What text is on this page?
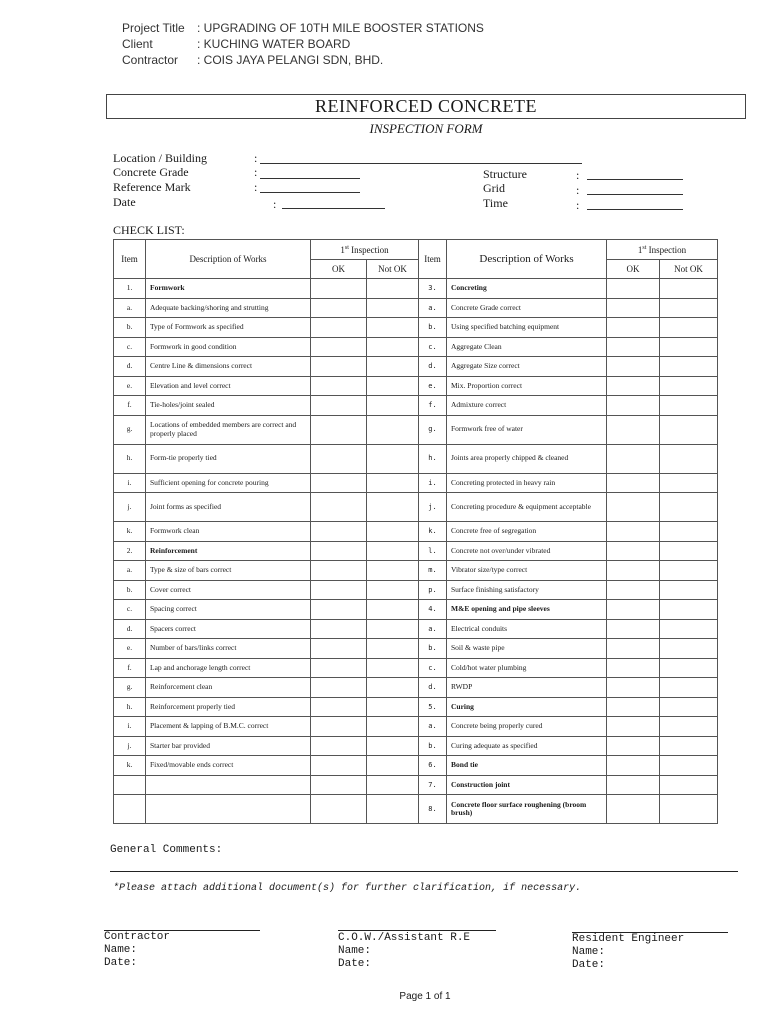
Project Title	: UPGRADING OF 10TH MILE BOOSTER STATIONS
Client	: KUCHING WATER BOARD
Contractor	: COIS JAYA PELANGI SDN, BHD.
REINFORCED CONCRETE
INSPECTION FORM
Location / Building	:
Concrete Grade	:
Reference Mark	:
Date	:
Structure	:
Grid	:
Time	:
CHECK LIST:
Item	Description of Works	1st Inspection		Item	Description of Works	1st Inspection	
		OK	Not OK			OK	Not OK
1.	Formwork			3.	Concreting		
a.	Adequate backing/shoring and strutting			a.	Concrete Grade correct		
b.	Type of Formwork as specified			b.	Using specified batching equipment		
c.	Formwork in good condition			c.	Aggregate Clean		
d.	Centre Line & dimensions correct			d.	Aggregate Size correct		
e.	Elevation and level correct			e.	Mix. Proportion correct		
f.	Tie-holes/joint sealed			f.	Admixture correct		
g.	Locations of embedded members are correct and properly placed			g.	Formwork free of water		
h.	Form-tie properly tied			h.	Joints area properly chipped & cleaned		
i.	Sufficient opening for concrete pouring			i.	Concreting protected in heavy rain		
j.	Joint forms as specified			j.	Concreting procedure & equipment acceptable		
k.	Formwork clean			k.	Concrete free of segregation		
2.	Reinforcement			l.	Concrete not over/under vibrated		
a.	Type & size of bars correct			m.	Vibrator size/type correct		
b.	Cover correct			p.	Surface finishing satisfactory		
c.	Spacing correct			4.	M&E opening and pipe sleeves		
d.	Spacers correct			a.	Electrical conduits		
e.	Number of bars/links correct			b.	Soil & waste pipe		
f.	Lap and anchorage length correct			c.	Cold/hot water plumbing		
g.	Reinforcement clean			d.	RWDP		
h.	Reinforcement properly tied			5.	Curing		
i.	Placement & lapping of B.M.C. correct			a.	Concrete being properly cured		
j.	Starter bar provided			b.	Curing adequate as specified		
k.	Fixed/movable ends correct			6.	Bond tie		
				7.	Construction joint		
				8.	Concrete floor surface roughening (broom brush)		
General Comments:
*Please attach additional document(s) for further clarification, if necessary.
Contractor
Name:
Date:
C.O.W./Assistant R.E
Name:
Date:
Resident Engineer
Name:
Date:
Page 1 of 1
